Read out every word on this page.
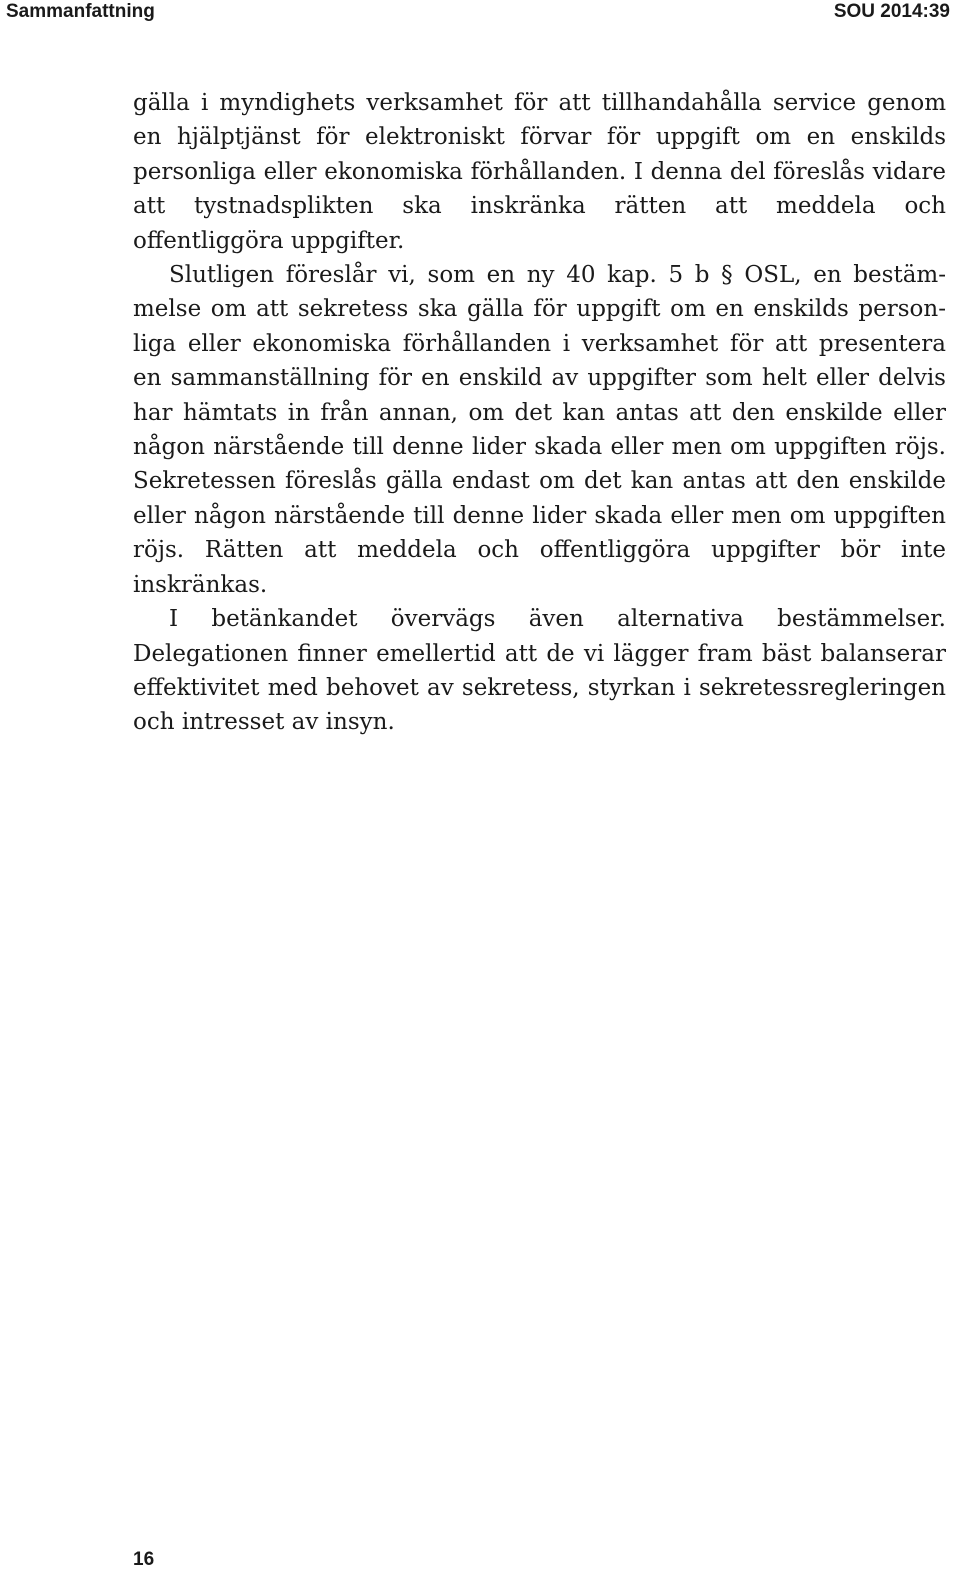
Sammanfattning	SOU 2014:39

gälla i myndighets verksamhet för att tillhandahålla service genom en hjälptjänst för elektroniskt förvar för uppgift om en enskilds personliga eller ekonomiska förhållanden. I denna del föreslås vidare att tystnadsplikten ska inskränka rätten att meddela och offentliggöra uppgifter.

Slutligen föreslår vi, som en ny 40 kap. 5 b § OSL, en bestämmelse om att sekretess ska gälla för uppgift om en enskilds personliga eller ekonomiska förhållanden i verksamhet för att presentera en sammanställning för en enskild av uppgifter som helt eller delvis har hämtats in från annan, om det kan antas att den enskilde eller någon närstående till denne lider skada eller men om uppgiften röjs. Sekretessen föreslås gälla endast om det kan antas att den enskilde eller någon närstående till denne lider skada eller men om uppgiften röjs. Rätten att meddela och offentliggöra uppgifter bör inte inskränkas.

I betänkandet övervägs även alternativa bestämmelser. Delegationen finner emellertid att de vi lägger fram bäst balanserar effektivitet med behovet av sekretess, styrkan i sekretessregleringen och intresset av insyn.

16
